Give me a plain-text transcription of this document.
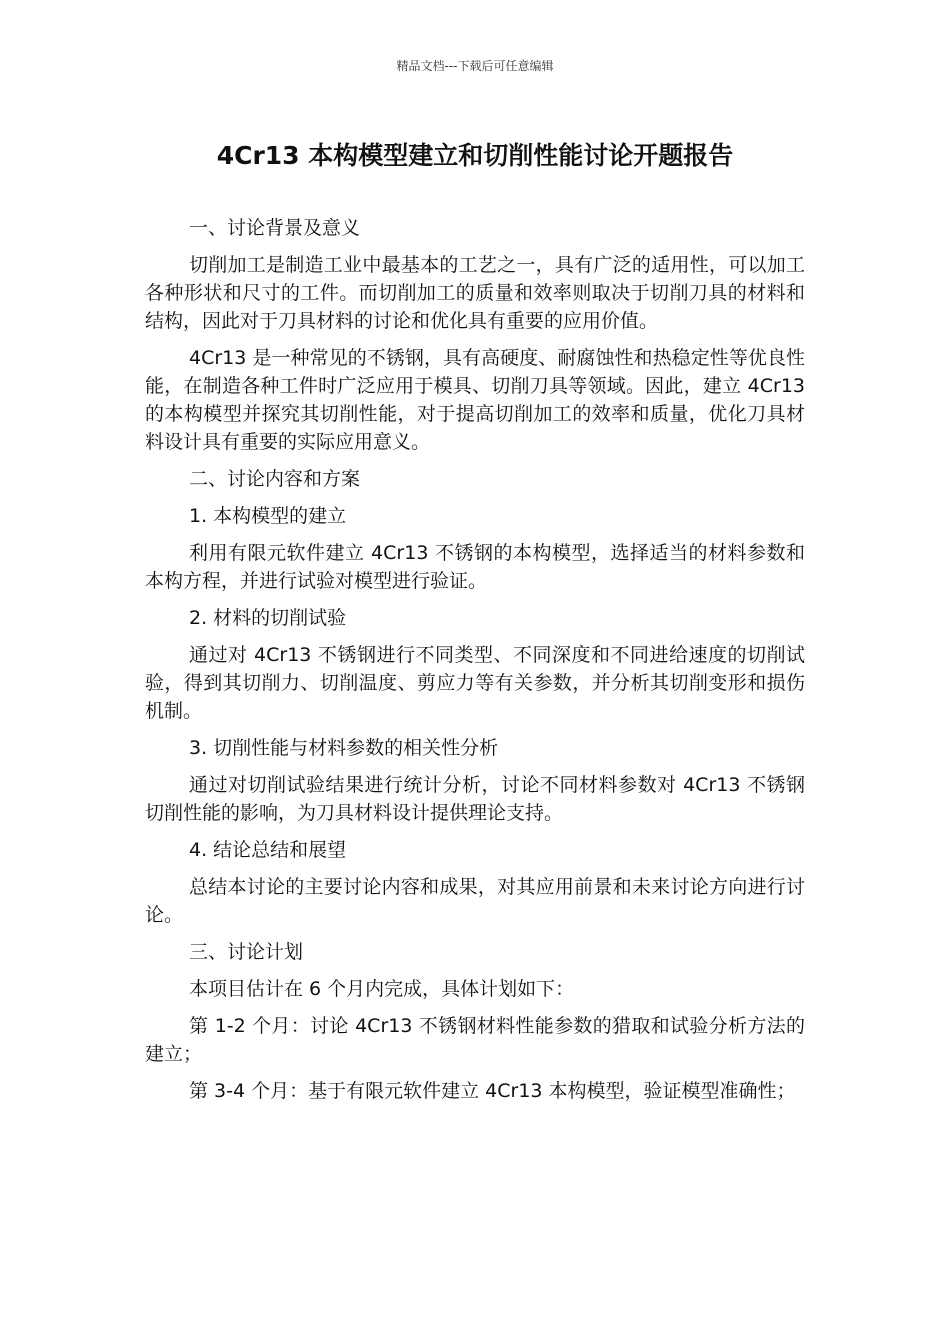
精品文档---下载后可任意编辑
4Cr13 本构模型建立和切削性能讨论开题报告

一、讨论背景及意义

切削加工是制造工业中最基本的工艺之一，具有广泛的适用性，可以加工各种形状和尺寸的工件。而切削加工的质量和效率则取决于切削刀具的材料和结构，因此对于刀具材料的讨论和优化具有重要的应用价值。

4Cr13 是一种常见的不锈钢，具有高硬度、耐腐蚀性和热稳定性等优良性能，在制造各种工件时广泛应用于模具、切削刀具等领域。因此，建立 4Cr13 的本构模型并探究其切削性能，对于提高切削加工的效率和质量，优化刀具材料设计具有重要的实际应用意义。

二、讨论内容和方案

1. 本构模型的建立

利用有限元软件建立 4Cr13 不锈钢的本构模型，选择适当的材料参数和本构方程，并进行试验对模型进行验证。

2. 材料的切削试验

通过对 4Cr13 不锈钢进行不同类型、不同深度和不同进给速度的切削试验，得到其切削力、切削温度、剪应力等有关参数，并分析其切削变形和损伤机制。

3. 切削性能与材料参数的相关性分析

通过对切削试验结果进行统计分析，讨论不同材料参数对 4Cr13 不锈钢切削性能的影响，为刀具材料设计提供理论支持。

4. 结论总结和展望

总结本讨论的主要讨论内容和成果，对其应用前景和未来讨论方向进行讨论。

三、讨论计划

本项目估计在 6 个月内完成，具体计划如下：

第 1-2 个月：讨论 4Cr13 不锈钢材料性能参数的猎取和试验分析方法的建立；

第 3-4 个月：基于有限元软件建立 4Cr13 本构模型，验证模型准确性；
